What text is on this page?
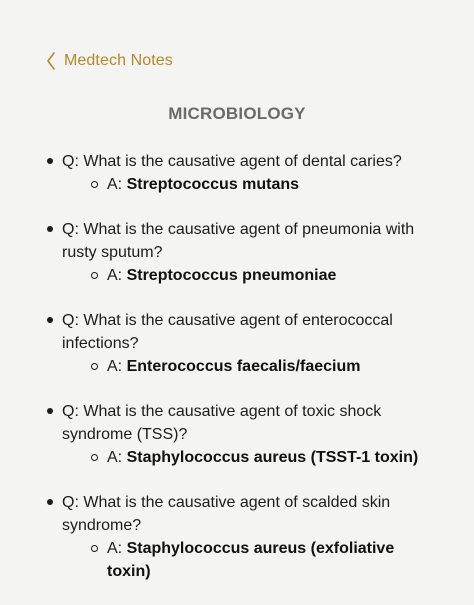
Medtech Notes
MICROBIOLOGY
Q: What is the causative agent of dental caries?
A: Streptococcus mutans
Q: What is the causative agent of pneumonia with rusty sputum?
A: Streptococcus pneumoniae
Q: What is the causative agent of enterococcal infections?
A: Enterococcus faecalis/faecium
Q: What is the causative agent of toxic shock syndrome (TSS)?
A: Staphylococcus aureus (TSST-1 toxin)
Q: What is the causative agent of scalded skin syndrome?
A: Staphylococcus aureus (exfoliative toxin)
